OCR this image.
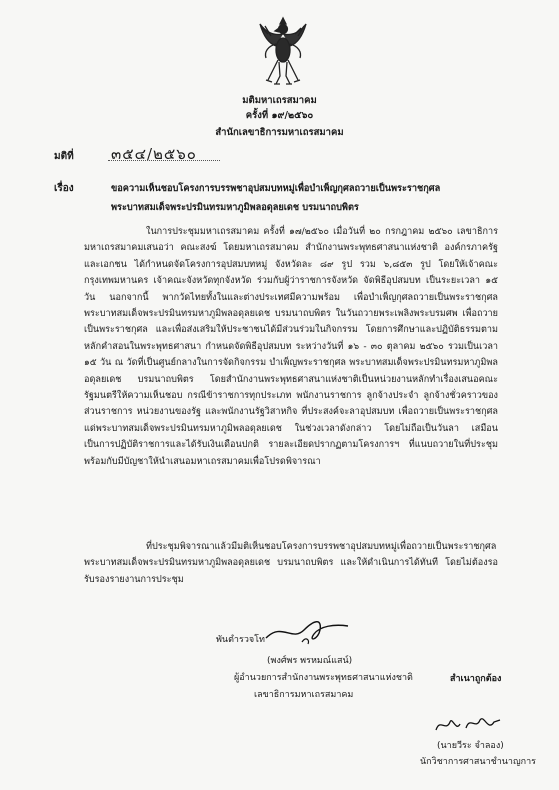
มติมหาเถรสมาคม
ครั้งที่ ๑๙/๒๕๖๐
สำนักเลขาธิการมหาเถรสมาคม
มติที่ ๓๕๔/๒๕๖๐
เรื่อง	ขอความเห็นชอบโครงการบรรพชาอุปสมบทหมู่เพื่อบำเพ็ญกุศลถวายเป็นพระราชกุศล
พระบาทสมเด็จพระปรมินทรมหาภูมิพลอดุลยเดช บรมนาถบพิตร
ในการประชุมมหาเถรสมาคม ครั้งที่ ๑๗/๒๕๖๐ เมื่อวันที่ ๒๐ กรกฎาคม ๒๕๖๐ เลขาธิการมหาเถรสมาคมเสนอว่า คณะสงฆ์ โดยมหาเถรสมาคม สำนักงานพระพุทธศาสนาแห่งชาติ องค์กรภาครัฐ และเอกชน ได้กำหนดจัดโครงการอุปสมบทหมู่ จังหวัดละ ๘๙ รูป รวม ๖,๘๕๓ รูป โดยให้เจ้าคณะกรุงเทพมหานคร เจ้าคณะจังหวัดทุกจังหวัด ร่วมกับผู้ว่าราชการจังหวัด จัดพิธีอุปสมบท เป็นระยะเวลา ๑๕ วัน นอกจากนี้ พากวัดไทยทั้งในและต่างประเทศมีความพร้อม เพื่อบำเพ็ญกุศลถวายเป็นพระราชกุศล พระบาทสมเด็จพระปรมินทรมหาภูมิพลอดุลยเดช บรมนาถบพิตร ในวันถวายพระเพลิงพระบรมศพ เพื่อถวายเป็นพระราชกุศล และเพื่อส่งเสริมให้ประชาชนได้มีส่วนร่วมในกิจกรรม โดยการศึกษาและปฏิบัติธรรมตามหลักคำสอนในพระพุทธศาสนา กำหนดจัดพิธีอุปสมบท ระหว่างวันที่ ๑๖ - ๓๐ ตุลาคม ๒๕๖๐ รวมเป็นเวลา ๑๕ วัน ณ วัดที่เป็นศูนย์กลางในการจัดกิจกรรม บำเพ็ญพระราชกุศล พระบาทสมเด็จพระปรมินทรมหาภูมิพลอดุลยเดช บรมนาถบพิตร โดยสำนักงานพระพุทธศาสนาแห่งชาติเป็นหน่วยงานหลักทำเรื่องเสนอคณะรัฐมนตรีให้ความเห็นชอบ กรณีข้าราชการทุกประเภท พนักงานราชการ ลูกจ้างประจำ ลูกจ้างชั่วคราวของส่วนราชการ หน่วยงานของรัฐ และพนักงานรัฐวิสาหกิจ ที่ประสงค์จะลาอุปสมบท เพื่อถวายเป็นพระราชกุศล แด่พระบาทสมเด็จพระปรมินทรมหาภูมิพลอดุลยเดช ในช่วงเวลาดังกล่าว โดยไม่ถือเป็นวันลา เสมือนเป็นการปฏิบัติราชการและได้รับเงินเดือนปกติ รายละเอียดปรากฏตามโครงการฯ ที่แนบถวายในที่ประชุม พร้อมกับมีบัญชาให้นำเสนอมหาเถรสมาคมเพื่อโปรดพิจารณา
ที่ประชุมพิจารณาแล้วมีมติเห็นชอบโครงการบรรพชาอุปสมบทหมู่เพื่อถวายเป็นพระราชกุศล พระบาทสมเด็จพระปรมินทรมหาภูมิพลอดุลยเดช บรมนาถบพิตร และให้ดำเนินการได้ทันที โดยไม่ต้องรอรับรองรายงานการประชุม
พันตำรวจโท
(พงศ์พร พรหมณ์แสน์)
ผู้อำนวยการสำนักงานพระพุทธศาสนาแห่งชาติ
เลขาธิการมหาเถรสมาคม
สำเนาถูกต้อง
(นายวีระ จำลอง)
นักวิชาการศาสนาชำนาญการ
